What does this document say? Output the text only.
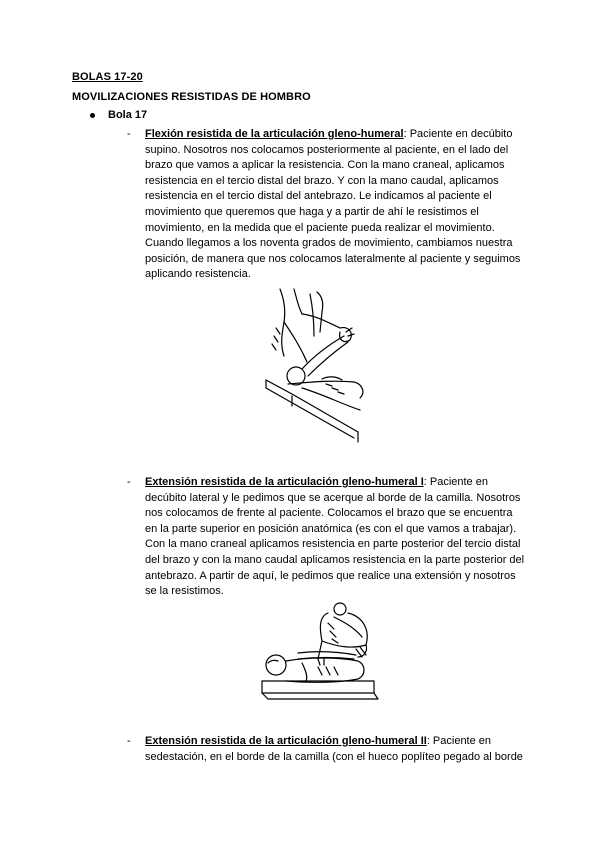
BOLAS 17-20
MOVILIZACIONES RESISTIDAS DE HOMBRO
Bola 17
- Flexión resistida de la articulación gleno-humeral: Paciente en decúbito supino. Nosotros nos colocamos posteriormente al paciente, en el lado del brazo que vamos a aplicar la resistencia. Con la mano craneal, aplicamos resistencia en el tercio distal del brazo. Y con la mano caudal, aplicamos resistencia en el tercio distal del antebrazo. Le indicamos al paciente el movimiento que queremos que haga y a partir de ahí le resistimos el movimiento, en la medida que el paciente pueda realizar el movimiento. Cuando llegamos a los noventa grados de movimiento, cambiamos nuestra posición, de manera que nos colocamos lateralmente al paciente y seguimos aplicando resistencia.
- Extensión resistida de la articulación gleno-humeral I: Paciente en decúbito lateral y le pedimos que se acerque al borde de la camilla. Nosotros nos colocamos de frente al paciente. Colocamos el brazo que se encuentra en la parte superior en posición anatómica (es con el que vamos a trabajar). Con la mano craneal aplicamos resistencia en parte posterior del tercio distal del brazo y con la mano caudal aplicamos resistencia en la parte posterior del antebrazo. A partir de aquí, le pedimos que realice una extensión y nosotros se la resistimos.
- Extensión resistida de la articulación gleno-humeral II: Paciente en sedestación, en el borde de la camilla (con el hueco poplíteo pegado al borde
